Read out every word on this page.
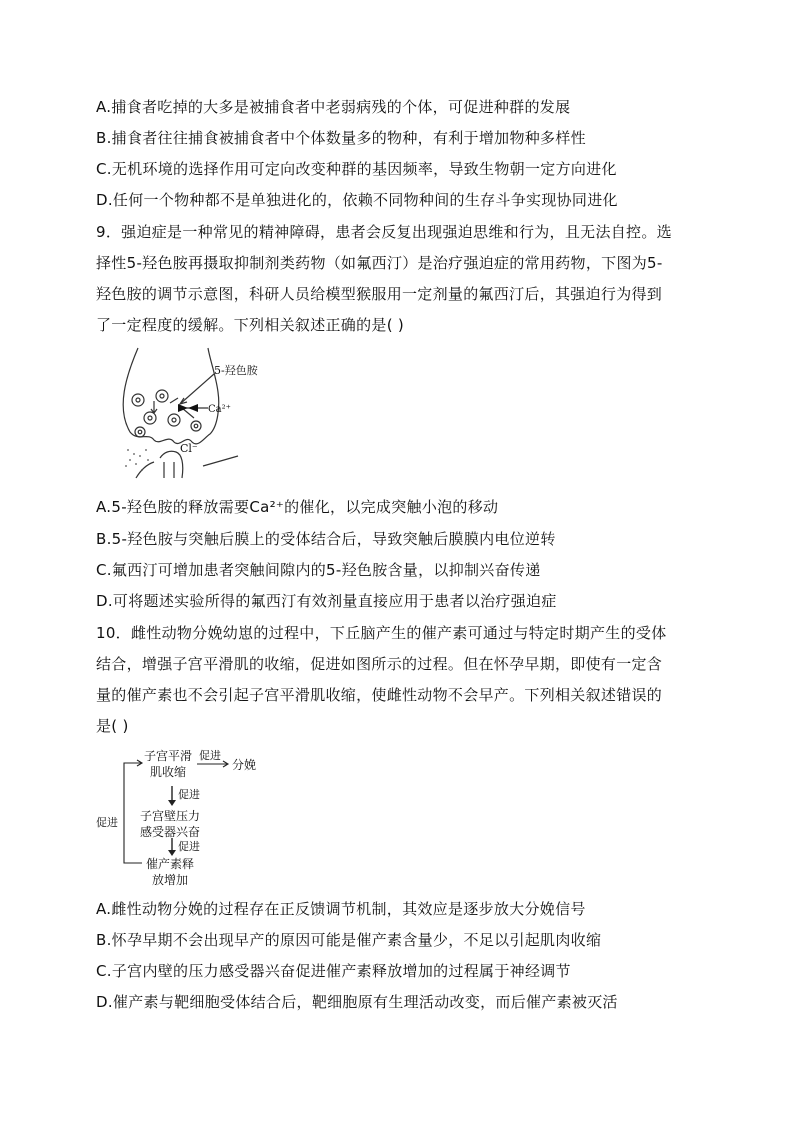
A.捕食者吃掉的大多是被捕食者中老弱病残的个体，可促进种群的发展
B.捕食者往往捕食被捕食者中个体数量多的物种，有利于增加物种多样性
C.无机环境的选择作用可定向改变种群的基因频率，导致生物朝一定方向进化
D.任何一个物种都不是单独进化的，依赖不同物种间的生存斗争实现协同进化
9．强迫症是一种常见的精神障碍，患者会反复出现强迫思维和行为，且无法自控。选
择性5-羟色胺再摄取抑制剂类药物（如氟西汀）是治疗强迫症的常用药物，下图为5-
羟色胺的调节示意图，科研人员给模型猴服用一定剂量的氟西汀后，其强迫行为得到
了一定程度的缓解。下列相关叙述正确的是( )
5-羟色胺
Ca²⁺
Cl⁻
A.5-羟色胺的释放需要Ca²⁺的催化，以完成突触小泡的移动
B.5-羟色胺与突触后膜上的受体结合后，导致突触后膜膜内电位逆转
C.氟西汀可增加患者突触间隙内的5-羟色胺含量，以抑制兴奋传递
D.可将题述实验所得的氟西汀有效剂量直接应用于患者以治疗强迫症
10．雌性动物分娩幼崽的过程中，下丘脑产生的催产素可通过与特定时期产生的受体
结合，增强子宫平滑肌的收缩，促进如图所示的过程。但在怀孕早期，即使有一定含
量的催产素也不会引起子宫平滑肌收缩，使雌性动物不会早产。下列相关叙述错误的
是( )
子宫平滑
肌收缩
促进
分娩
促进
子宫壁压力
感受器兴奋
促进
催产素释
放增加
促进
A.雌性动物分娩的过程存在正反馈调节机制，其效应是逐步放大分娩信号
B.怀孕早期不会出现早产的原因可能是催产素含量少，不足以引起肌肉收缩
C.子宫内壁的压力感受器兴奋促进催产素释放增加的过程属于神经调节
D.催产素与靶细胞受体结合后，靶细胞原有生理活动改变，而后催产素被灭活
